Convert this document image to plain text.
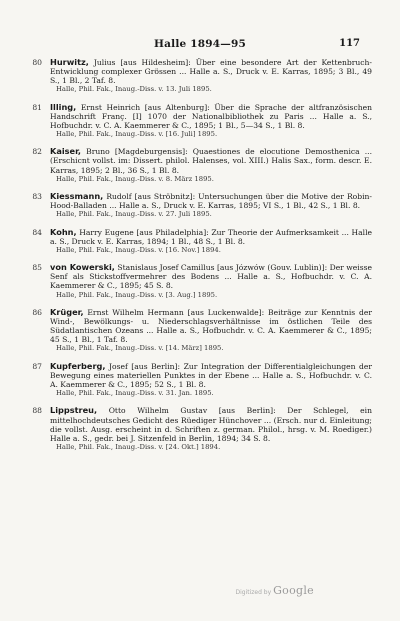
Halle 1894—95	117
80 Hurwitz, Julius [aus Hildesheim]: Über eine besondere Art der Kettenbruch-Entwicklung complexer Grössen ... Halle a. S., Druck v. E. Karras, 1895; 3 Bl., 49 S., 1 Bl., 2 Taf. 8.
Halle, Phil. Fak., Inaug.-Diss. v. 13. Juli 1895.
81 Illing, Ernst Heinrich [aus Altenburg]: Über die Sprache der altfranzösischen Handschrift Franç. [I] 1070 der Nationalbibliothek zu Paris ... Halle a. S., Hofbuchdr. v. C. A. Kaemmerer & C., 1895; 1 Bl., 5—34 S., 1 Bl. 8.
Halle, Phil. Fak., Inaug.-Diss. v. [16. Juli] 1895.
82 Kaiser, Bruno [Magdeburgensis]: Quaestiones de elocutione Demosthenica ... (Erschicnt vollst. im: Dissert. philol. Halenses, vol. XIII.) Halis Sax., form. descr. E. Karras, 1895; 2 Bl., 36 S., 1 Bl. 8.
Halle, Phil. Fak., Inaug.-Diss. v. 8. März 1895.
83 Kiessmann, Rudolf [aus Ströbnitz]: Untersuchungen über die Motive der Robin-Hood-Balladen ... Halle a. S., Druck v. E. Karras, 1895; VI S., 1 Bl., 42 S., 1 Bl. 8.
Halle, Phil. Fak., Inaug.-Diss. v. 27. Juli 1895.
84 Kohn, Harry Eugene [aus Philadelphia]: Zur Theorie der Aufmerksamkeit ... Halle a. S., Druck v. E. Karras, 1894; 1 Bl., 48 S., 1 Bl. 8.
Halle, Phil. Fak., Inaug.-Diss. v. [16. Nov.] 1894.
85 von Kowerski, Stanislaus Josef Camillus [aus Józwów (Gouv. Lublin)]: Der weisse Senf als Stickstoffvermehrer des Bodens ... Halle a. S., Hofbuchdr. v. C. A. Kaemmerer & C., 1895; 45 S. 8.
Halle, Phil. Fak., Inaug.-Diss. v. [3. Aug.] 1895.
86 Krüger, Ernst Wilhelm Hermann [aus Luckenwalde]: Beiträge zur Kenntnis der Wind-, Bewölkungs- u. Niederschlagsverhältnisse im östlichen Teile des Südatlantischen Ozeans ... Halle a. S., Hofbuchdr. v. C. A. Kaemmerer & C., 1895; 45 S., 1 Bl., 1 Taf. 8.
Halle, Phil. Fak., Inaug.-Diss. v. [14. März] 1895.
87 Kupferberg, Josef [aus Berlin]: Zur Integration der Differentialgleichungen der Bewegung eines materiellen Punktes in der Ebene ... Halle a. S., Hofbuchdr. v. C. A. Kaemmerer & C., 1895; 52 S., 1 Bl. 8.
Halle, Phil. Fak., Inaug.-Diss. v. 31. Jan. 1895.
88 Lippstreu, Otto Wilhelm Gustav [aus Berlin]: Der Schlegel, ein mittelhochdeutsches Gedicht des Rüediger Hünchover ... (Ersch. nur d. Einleitung; die vollst. Ausg. erscheint in d. Schriften z. german. Philol., hrsg. v. M. Roediger.) Halle a. S., gedr. bei J. Sitzenfeld in Berlin, 1894; 34 S. 8.
Halle, Phil. Fak., Inaug.-Diss. v. [24. Okt.] 1894.
Digitized by Google
